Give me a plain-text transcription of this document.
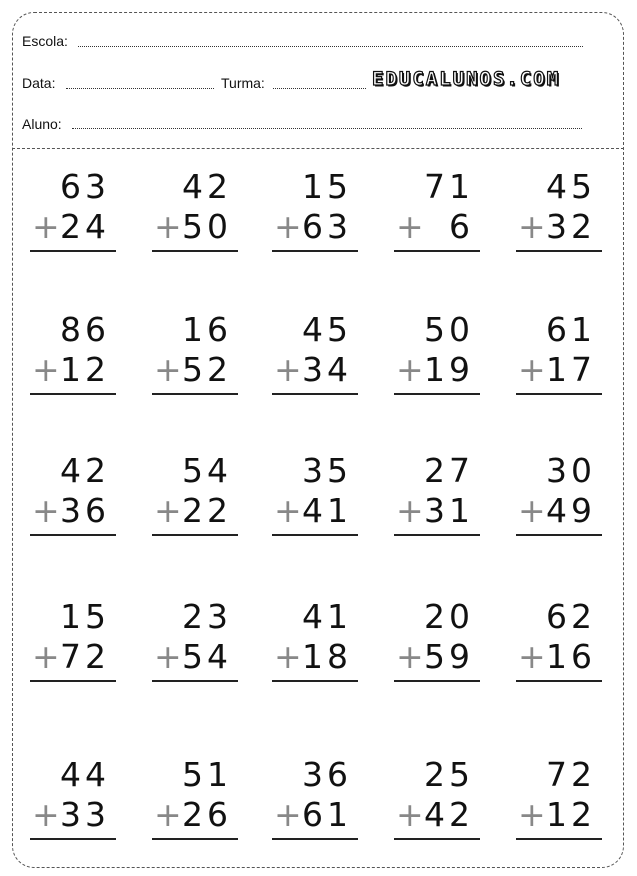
Escola:
Data:	Turma:	EDUCALUNOS.COM
Aluno:
63
+ 24
42
+ 50
15
+ 63
71
+ 6
45
+ 32
86
+ 12
16
+ 52
45
+ 34
50
+ 19
61
+ 17
42
+ 36
54
+ 22
35
+ 41
27
+ 31
30
+ 49
15
+ 72
23
+ 54
41
+ 18
20
+ 59
62
+ 16
44
+ 33
51
+ 26
36
+ 61
25
+ 42
72
+ 12
